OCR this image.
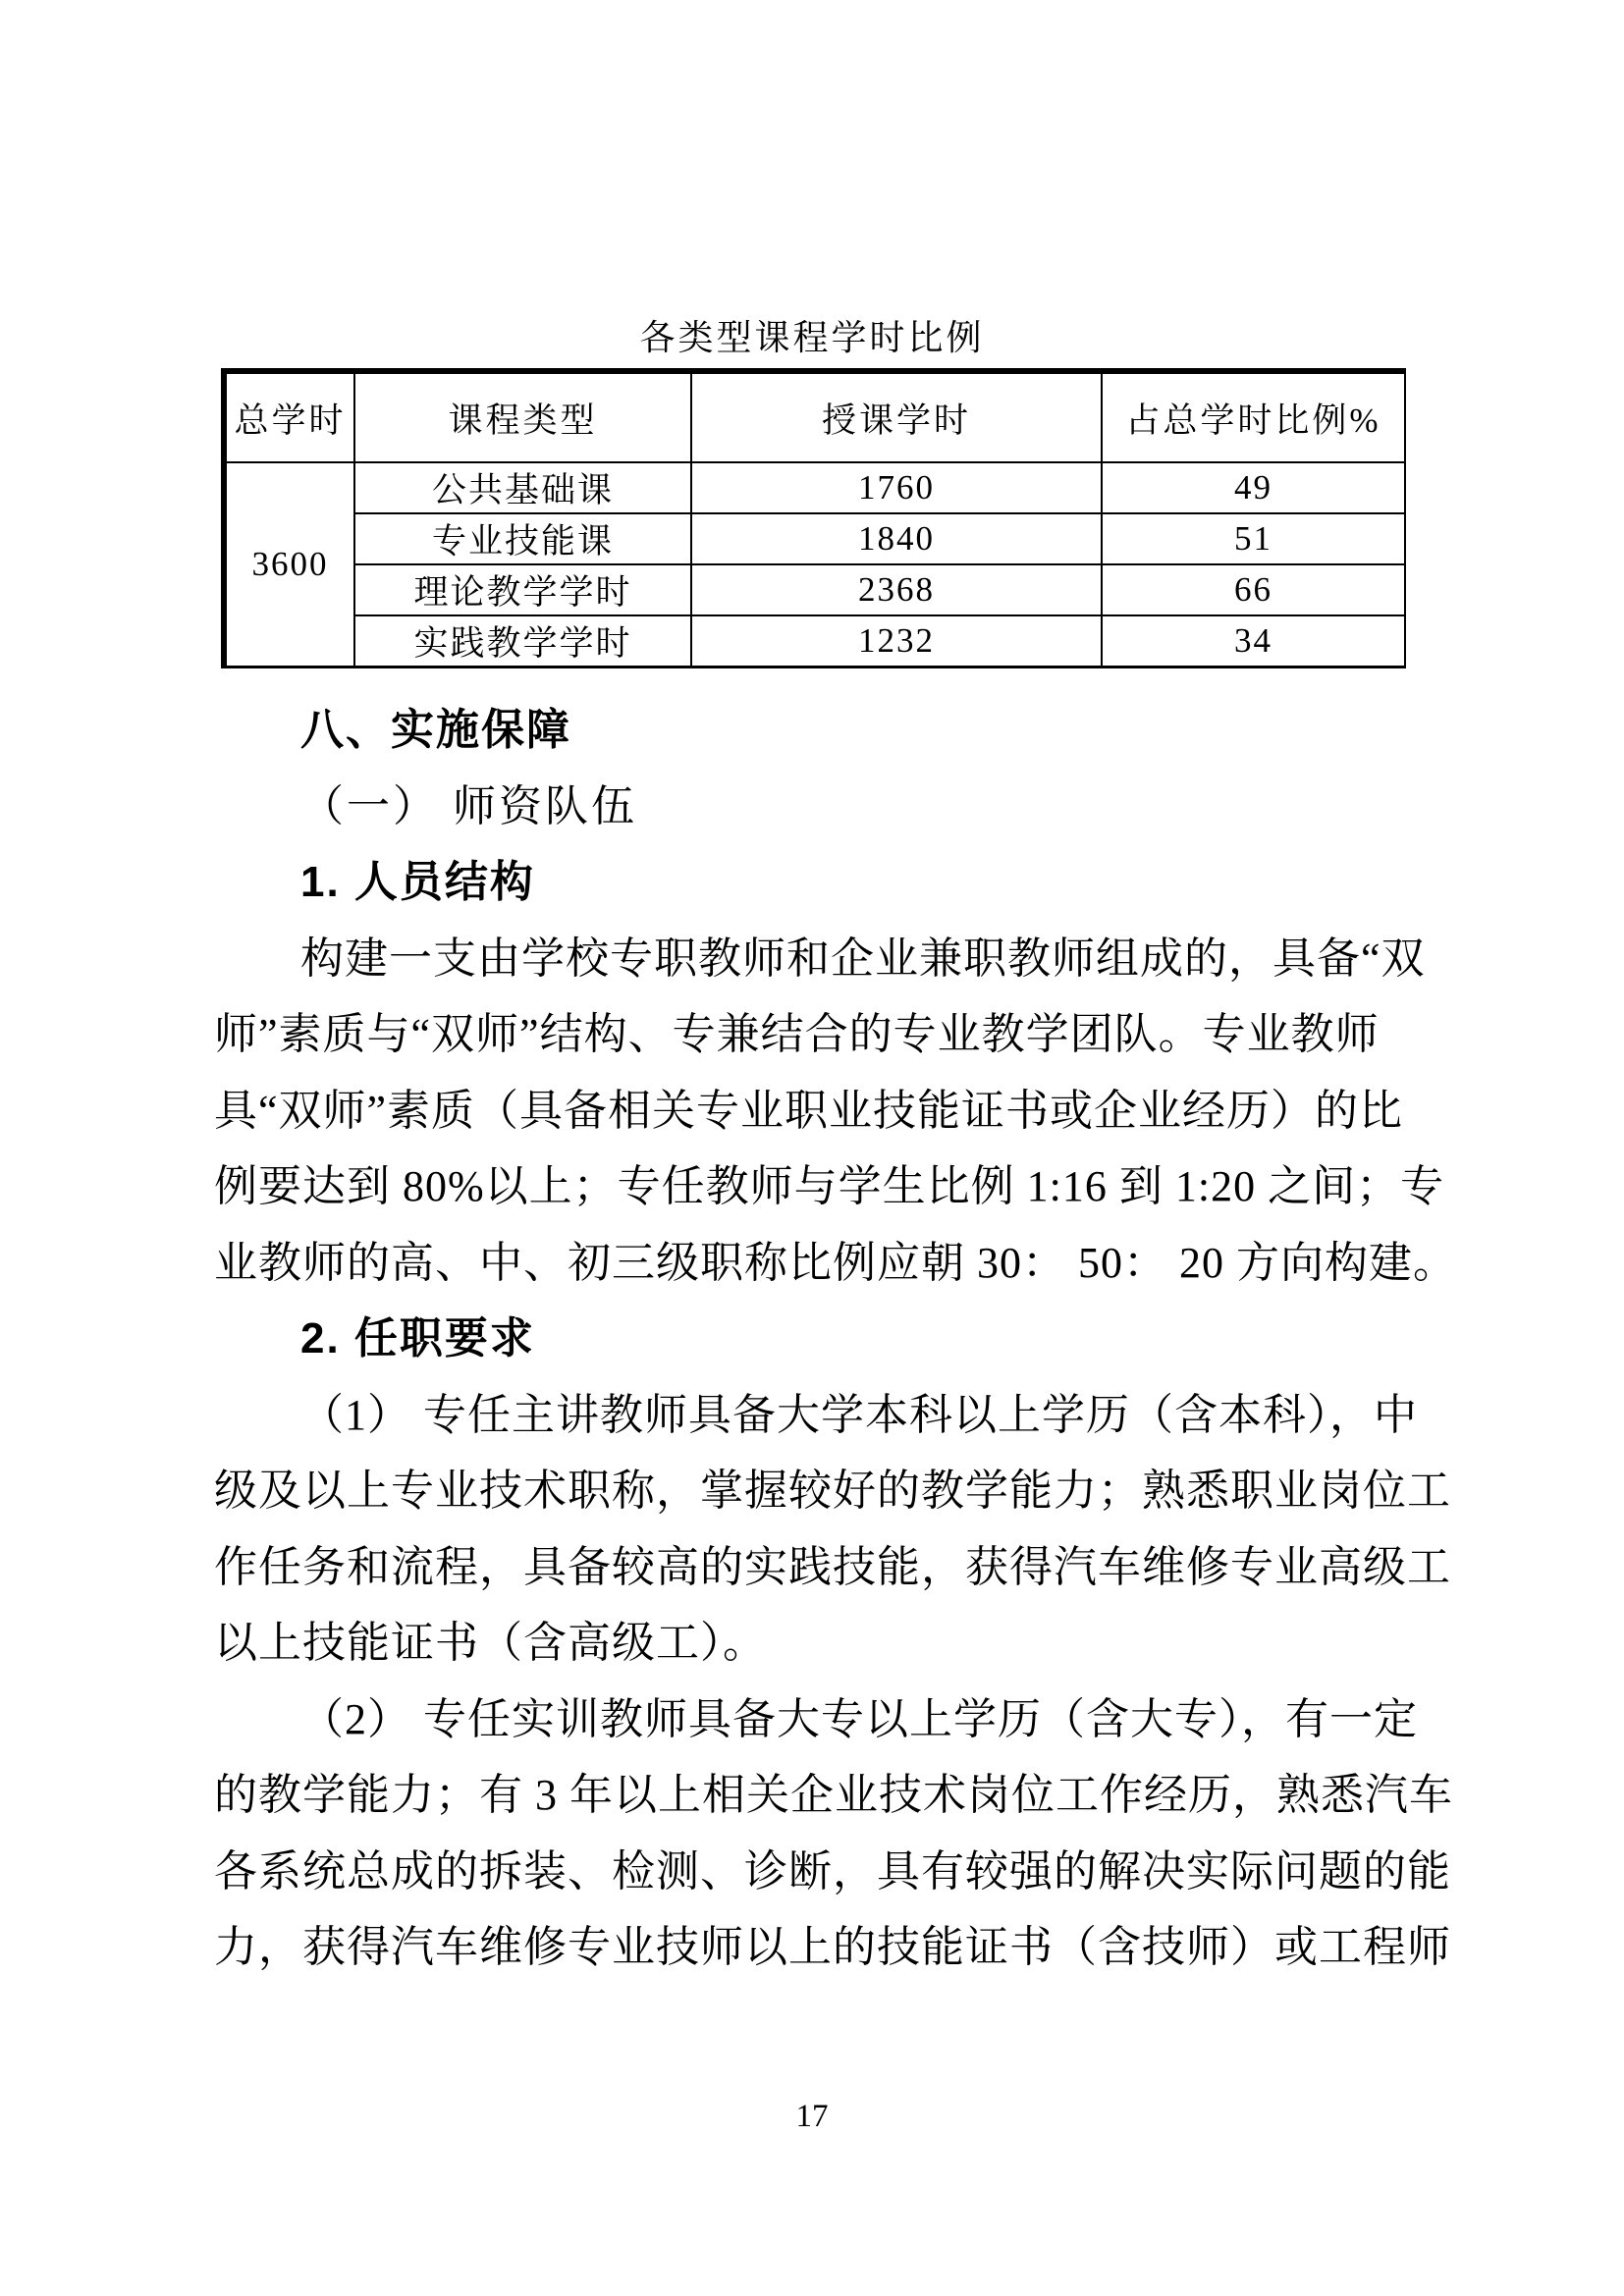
各类型课程学时比例
总学时	课程类型	授课学时	占总学时比例%
3600	公共基础课	1760	49
	专业技能课	1840	51
	理论教学学时	2368	66
	实践教学学时	1232	34
八、实施保障
（一） 师资队伍
1. 人员结构
构建一支由学校专职教师和企业兼职教师组成的，具备“双
师”素质与“双师”结构、专兼结合的专业教学团队。专业教师
具“双师”素质（具备相关专业职业技能证书或企业经历）的比
例要达到 80%以上；专任教师与学生比例 1:16 到 1:20 之间；专
业教师的高、中、初三级职称比例应朝 30： 50： 20 方向构建。
2. 任职要求
（1） 专任主讲教师具备大学本科以上学历（含本科），中
级及以上专业技术职称，掌握较好的教学能力；熟悉职业岗位工
作任务和流程，具备较高的实践技能，获得汽车维修专业高级工
以上技能证书（含高级工）。
（2） 专任实训教师具备大专以上学历（含大专），有一定
的教学能力；有 3 年以上相关企业技术岗位工作经历，熟悉汽车
各系统总成的拆装、检测、诊断，具有较强的解决实际问题的能
力，获得汽车维修专业技师以上的技能证书（含技师）或工程师
17
